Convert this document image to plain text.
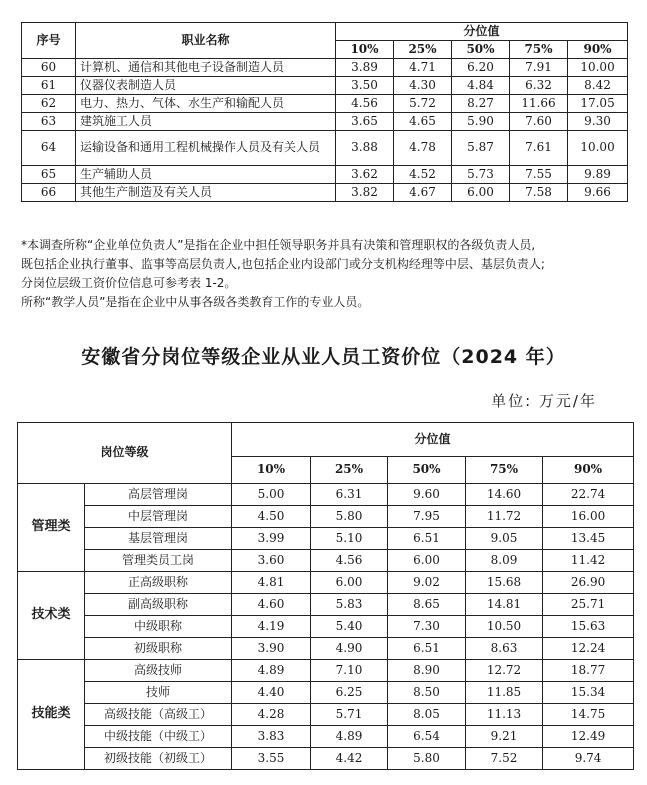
序号	职业名称	分位值				
		10%	25%	50%	75%	90%
60	计算机、通信和其他电子设备制造人员	3.89	4.71	6.20	7.91	10.00
61	仪器仪表制造人员	3.50	4.30	4.84	6.32	8.42
62	电力、热力、气体、水生产和输配人员	4.56	5.72	8.27	11.66	17.05
63	建筑施工人员	3.65	4.65	5.90	7.60	9.30
64	运输设备和通用工程机械操作人员及有关人员	3.88	4.78	5.87	7.61	10.00
65	生产辅助人员	3.62	4.52	5.73	7.55	9.89
66	其他生产制造及有关人员	3.82	4.67	6.00	7.58	9.66
*本调查所称“企业单位负责人”是指在企业中担任领导职务并具有决策和管理职权的各级负责人员,
既包括企业执行董事、监事等高层负责人,也包括企业内设部门或分支机构经理等中层、基层负责人;
分岗位层级工资价位信息可参考表 1-2。
所称“教学人员”是指在企业中从事各级各类教育工作的专业人员。
安徽省分岗位等级企业从业人员工资价位（2024 年）
单位: 万元/年
岗位等级		分位值				
		10%	25%	50%	75%	90%
管理类	高层管理岗	5.00	6.31	9.60	14.60	22.74
	中层管理岗	4.50	5.80	7.95	11.72	16.00
	基层管理岗	3.99	5.10	6.51	9.05	13.45
	管理类员工岗	3.60	4.56	6.00	8.09	11.42
技术类	正高级职称	4.81	6.00	9.02	15.68	26.90
	副高级职称	4.60	5.83	8.65	14.81	25.71
	中级职称	4.19	5.40	7.30	10.50	15.63
	初级职称	3.90	4.90	6.51	8.63	12.24
技能类	高级技师	4.89	7.10	8.90	12.72	18.77
	技师	4.40	6.25	8.50	11.85	15.34
	高级技能（高级工）	4.28	5.71	8.05	11.13	14.75
	中级技能（中级工）	3.83	4.89	6.54	9.21	12.49
	初级技能（初级工）	3.55	4.42	5.80	7.52	9.74
